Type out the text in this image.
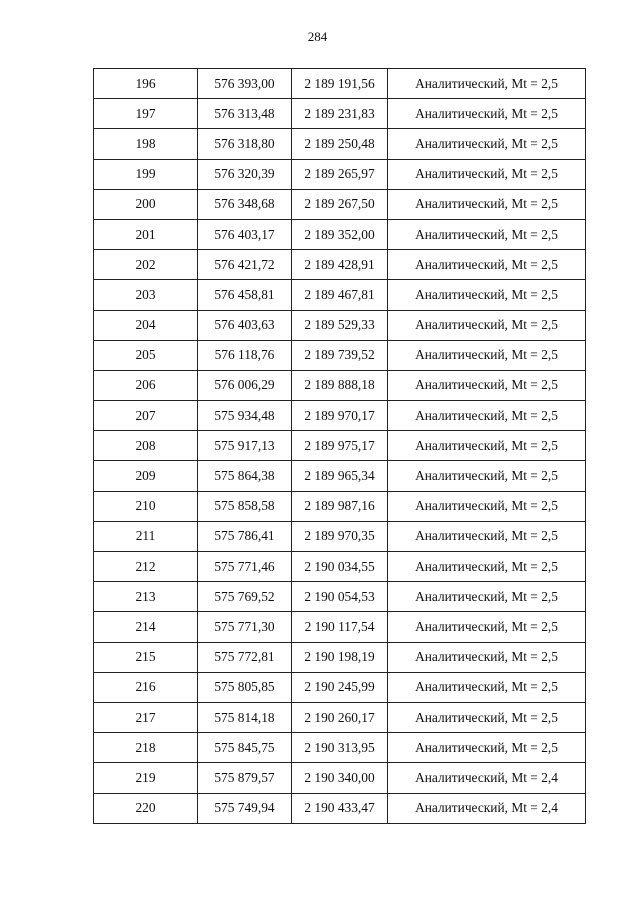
284
196	576 393,00	2 189 191,56	Аналитический, Mt = 2,5
197	576 313,48	2 189 231,83	Аналитический, Mt = 2,5
198	576 318,80	2 189 250,48	Аналитический, Mt = 2,5
199	576 320,39	2 189 265,97	Аналитический, Mt = 2,5
200	576 348,68	2 189 267,50	Аналитический, Mt = 2,5
201	576 403,17	2 189 352,00	Аналитический, Mt = 2,5
202	576 421,72	2 189 428,91	Аналитический, Mt = 2,5
203	576 458,81	2 189 467,81	Аналитический, Mt = 2,5
204	576 403,63	2 189 529,33	Аналитический, Mt = 2,5
205	576 118,76	2 189 739,52	Аналитический, Mt = 2,5
206	576 006,29	2 189 888,18	Аналитический, Mt = 2,5
207	575 934,48	2 189 970,17	Аналитический, Mt = 2,5
208	575 917,13	2 189 975,17	Аналитический, Mt = 2,5
209	575 864,38	2 189 965,34	Аналитический, Mt = 2,5
210	575 858,58	2 189 987,16	Аналитический, Mt = 2,5
211	575 786,41	2 189 970,35	Аналитический, Mt = 2,5
212	575 771,46	2 190 034,55	Аналитический, Mt = 2,5
213	575 769,52	2 190 054,53	Аналитический, Mt = 2,5
214	575 771,30	2 190 117,54	Аналитический, Mt = 2,5
215	575 772,81	2 190 198,19	Аналитический, Mt = 2,5
216	575 805,85	2 190 245,99	Аналитический, Mt = 2,5
217	575 814,18	2 190 260,17	Аналитический, Mt = 2,5
218	575 845,75	2 190 313,95	Аналитический, Mt = 2,5
219	575 879,57	2 190 340,00	Аналитический, Mt = 2,4
220	575 749,94	2 190 433,47	Аналитический, Mt = 2,4
